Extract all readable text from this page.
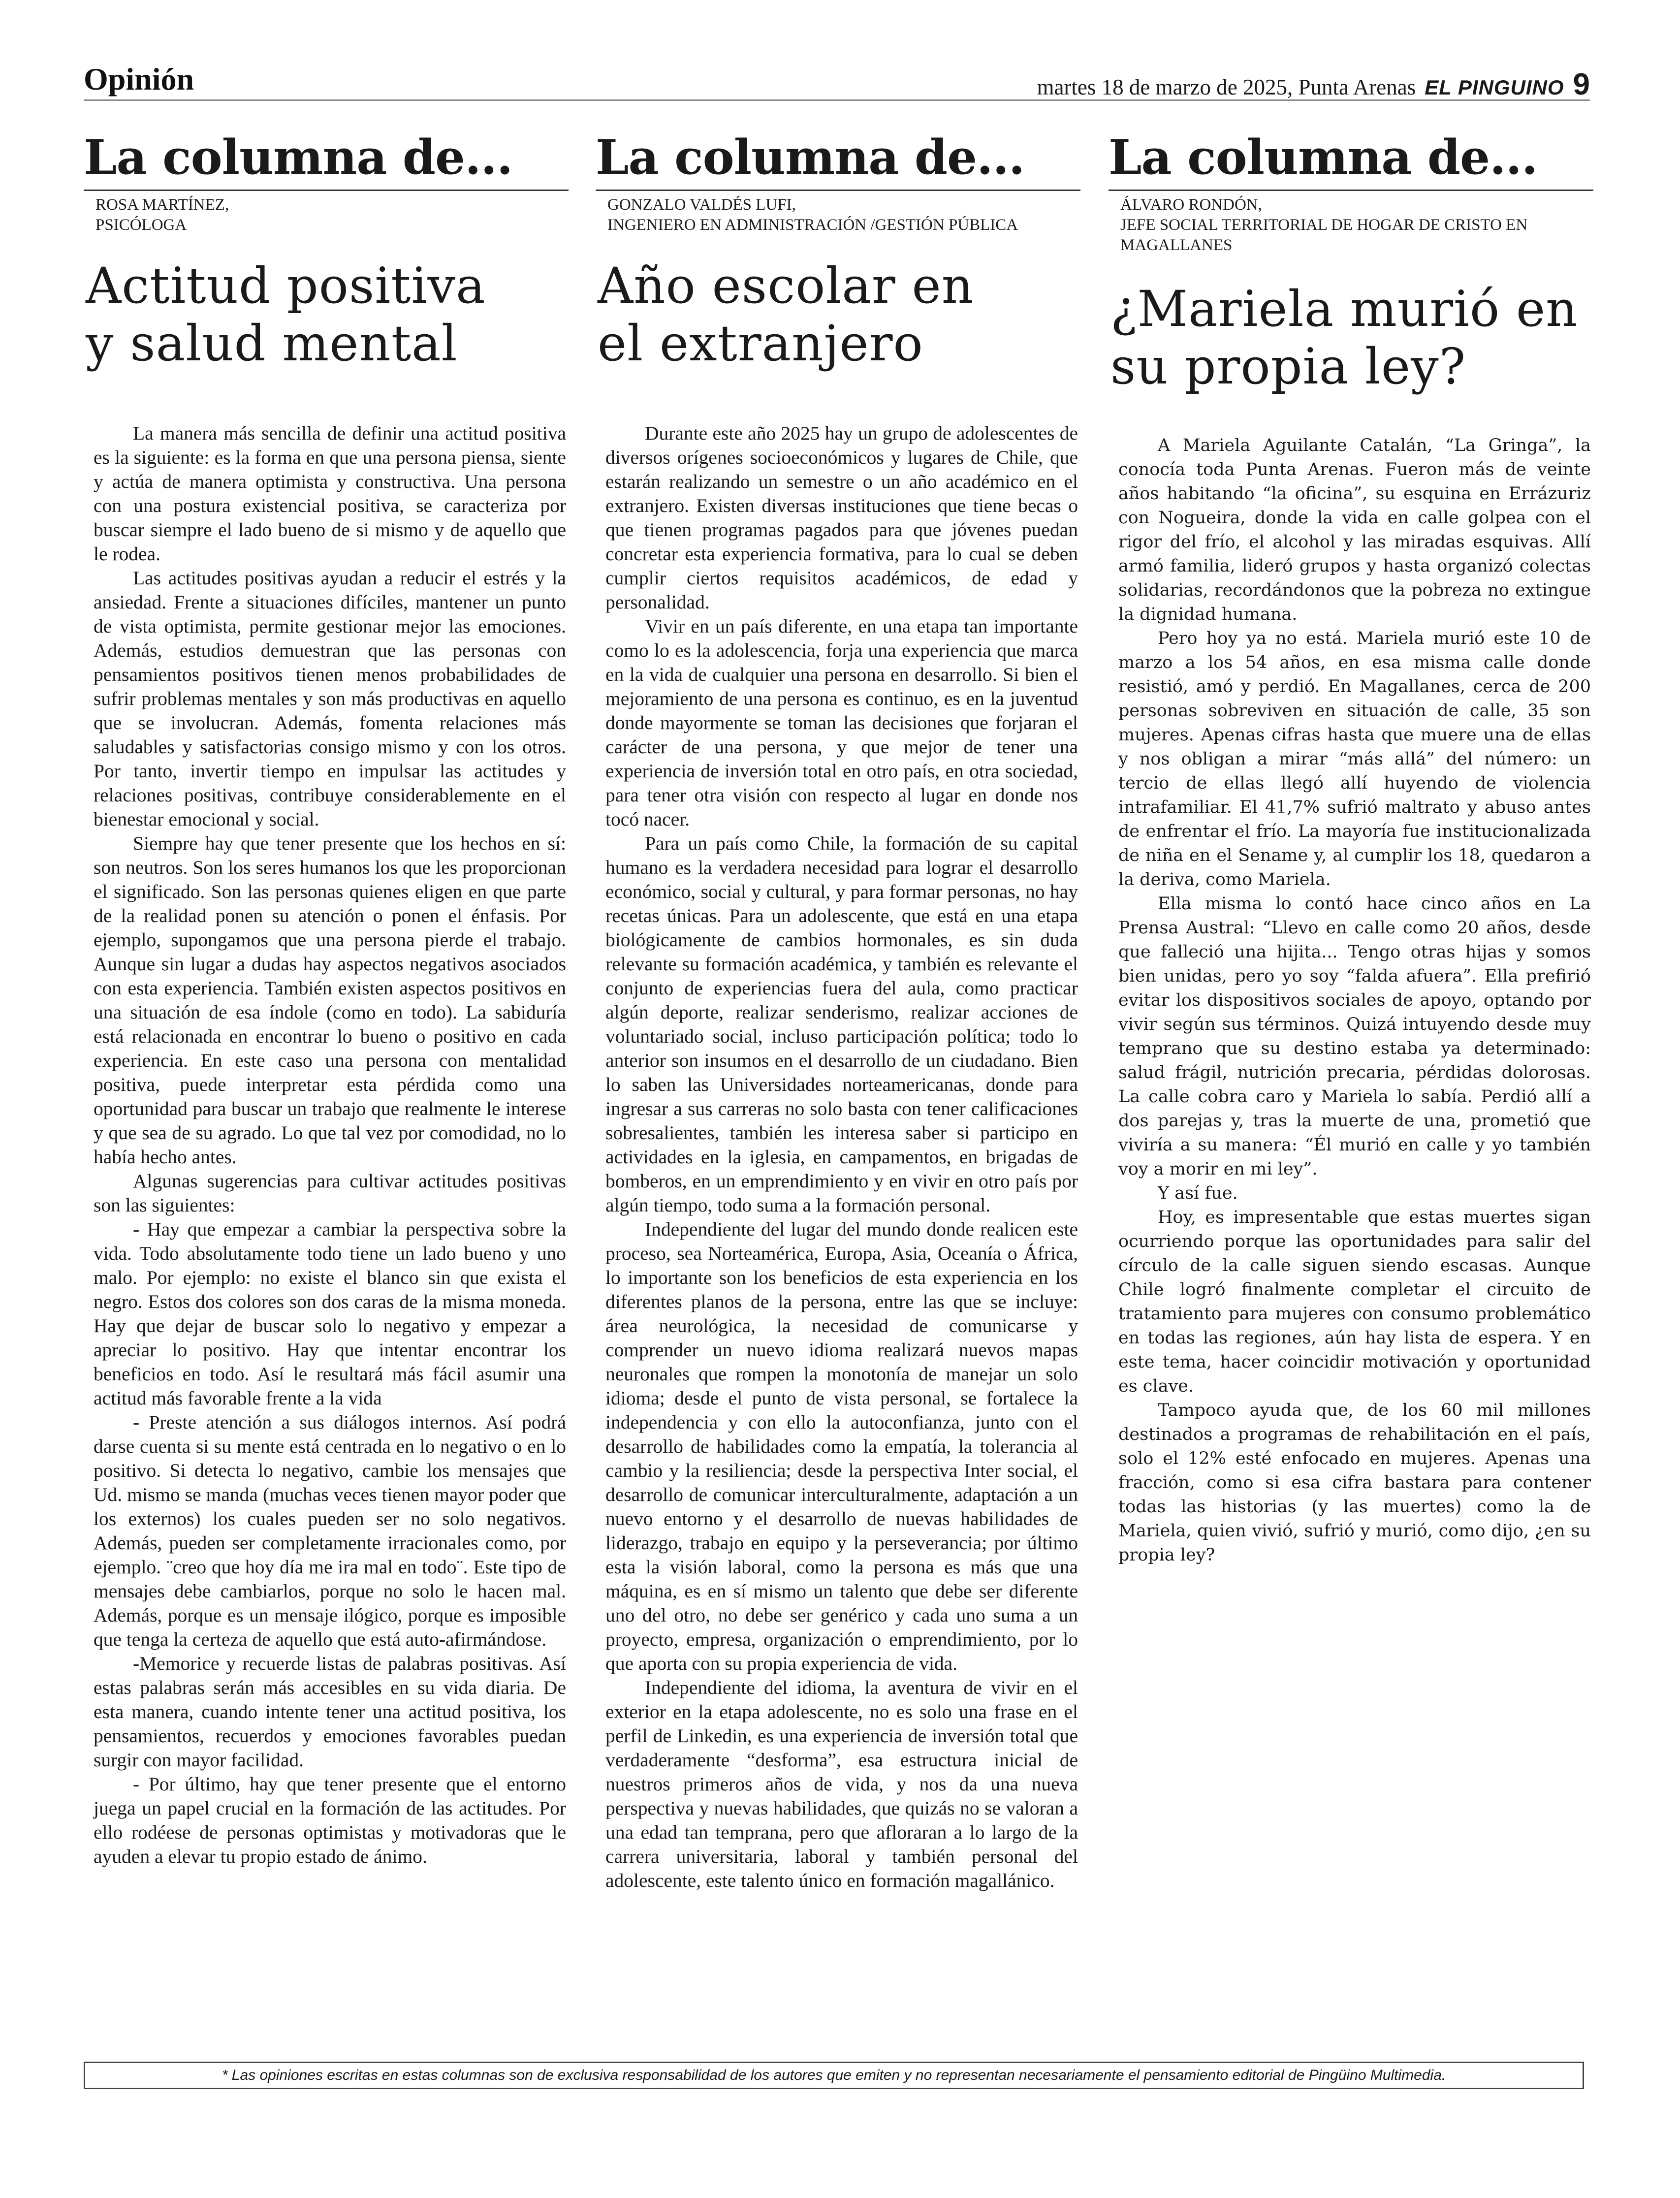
Opinión	martes 18 de marzo de 2025, Punta Arenas EL PINGUINO 9
La columna de...
ROSA MARTÍNEZ,
PSICÓLOGA
Actitud positiva
y salud mental

La manera más sencilla de definir una actitud positiva es la siguiente: es la forma en que una persona piensa, siente y actúa de manera optimista y constructiva. Una persona con una postura existencial positiva, se caracteriza por buscar siempre el lado bueno de si mismo y de aquello que le rodea.

Las actitudes positivas ayudan a reducir el estrés y la ansiedad. Frente a situaciones difíciles, mantener un punto de vista optimista, permite gestionar mejor las emociones. Además, estudios demuestran que las personas con pensamientos positivos tienen menos probabilidades de sufrir problemas mentales y son más productivas en aquello que se involucran. Además, fomenta relaciones más saludables y satisfactorias consigo mismo y con los otros. Por tanto, invertir tiempo en impulsar las actitudes y relaciones positivas, contribuye considerablemente en el bienestar emocional y social.

Siempre hay que tener presente que los hechos en sí: son neutros. Son los seres humanos los que les proporcionan el significado. Son las personas quienes eligen en que parte de la realidad ponen su atención o ponen el énfasis. Por ejemplo, supongamos que una persona pierde el trabajo. Aunque sin lugar a dudas hay aspectos negativos asociados con esta experiencia. También existen aspectos positivos en una situación de esa índole (como en todo). La sabiduría está relacionada en encontrar lo bueno o positivo en cada experiencia. En este caso una persona con mentalidad positiva, puede interpretar esta pérdida como una oportunidad para buscar un trabajo que realmente le interese y que sea de su agrado. Lo que tal vez por comodidad, no lo había hecho antes.

Algunas sugerencias para cultivar actitudes positivas son las siguientes:

- Hay que empezar a cambiar la perspectiva sobre la vida. Todo absolutamente todo tiene un lado bueno y uno malo. Por ejemplo: no existe el blanco sin que exista el negro. Estos dos colores son dos caras de la misma moneda. Hay que dejar de buscar solo lo negativo y empezar a apreciar lo positivo. Hay que intentar encontrar los beneficios en todo. Así le resultará más fácil asumir una actitud más favorable frente a la vida

- Preste atención a sus diálogos internos. Así podrá darse cuenta si su mente está centrada en lo negativo o en lo positivo. Si detecta lo negativo, cambie los mensajes que Ud. mismo se manda (muchas veces tienen mayor poder que los externos) los cuales pueden ser no solo negativos. Además, pueden ser completamente irracionales como, por ejemplo. ¨creo que hoy día me ira mal en todo¨. Este tipo de mensajes debe cambiarlos, porque no solo le hacen mal. Además, porque es un mensaje ilógico, porque es imposible que tenga la certeza de aquello que está auto-afirmándose.

-Memorice y recuerde listas de palabras positivas. Así estas palabras serán más accesibles en su vida diaria. De esta manera, cuando intente tener una actitud positiva, los pensamientos, recuerdos y emociones favorables puedan surgir con mayor facilidad.

- Por último, hay que tener presente que el entorno juega un papel crucial en la formación de las actitudes. Por ello rodéese de personas optimistas y motivadoras que le ayuden a elevar tu propio estado de ánimo.

La columna de...
GONZALO VALDÉS LUFI,
INGENIERO EN ADMINISTRACIÓN /GESTIÓN PÚBLICA
Año escolar en
el extranjero

Durante este año 2025 hay un grupo de adolescentes de diversos orígenes socioeconómicos y lugares de Chile, que estarán realizando un semestre o un año académico en el extranjero. Existen diversas instituciones que tiene becas o que tienen programas pagados para que jóvenes puedan concretar esta experiencia formativa, para lo cual se deben cumplir ciertos requisitos académicos, de edad y personalidad.

Vivir en un país diferente, en una etapa tan importante como lo es la adolescencia, forja una experiencia que marca en la vida de cualquier una persona en desarrollo. Si bien el mejoramiento de una persona es continuo, es en la juventud donde mayormente se toman las decisiones que forjaran el carácter de una persona, y que mejor de tener una experiencia de inversión total en otro país, en otra sociedad, para tener otra visión con respecto al lugar en donde nos tocó nacer.

Para un país como Chile, la formación de su capital humano es la verdadera necesidad para lograr el desarrollo económico, social y cultural, y para formar personas, no hay recetas únicas. Para un adolescente, que está en una etapa biológicamente de cambios hormonales, es sin duda relevante su formación académica, y también es relevante el conjunto de experiencias fuera del aula, como practicar algún deporte, realizar senderismo, realizar acciones de voluntariado social, incluso participación política; todo lo anterior son insumos en el desarrollo de un ciudadano. Bien lo saben las Universidades norteamericanas, donde para ingresar a sus carreras no solo basta con tener calificaciones sobresalientes, también les interesa saber si participo en actividades en la iglesia, en campamentos, en brigadas de bomberos, en un emprendimiento y en vivir en otro país por algún tiempo, todo suma a la formación personal.

Independiente del lugar del mundo donde realicen este proceso, sea Norteamérica, Europa, Asia, Oceanía o África, lo importante son los beneficios de esta experiencia en los diferentes planos de la persona, entre las que se incluye: área neurológica, la necesidad de comunicarse y comprender un nuevo idioma realizará nuevos mapas neuronales que rompen la monotonía de manejar un solo idioma; desde el punto de vista personal, se fortalece la independencia y con ello la autoconfianza, junto con el desarrollo de habilidades como la empatía, la tolerancia al cambio y la resiliencia; desde la perspectiva Inter social, el desarrollo de comunicar interculturalmente, adaptación a un nuevo entorno y el desarrollo de nuevas habilidades de liderazgo, trabajo en equipo y la perseverancia; por último esta la visión laboral, como la persona es más que una máquina, es en sí mismo un talento que debe ser diferente uno del otro, no debe ser genérico y cada uno suma a un proyecto, empresa, organización o emprendimiento, por lo que aporta con su propia experiencia de vida.

Independiente del idioma, la aventura de vivir en el exterior en la etapa adolescente, no es solo una frase en el perfil de Linkedin, es una experiencia de inversión total que verdaderamente “desforma”, esa estructura inicial de nuestros primeros años de vida, y nos da una nueva perspectiva y nuevas habilidades, que quizás no se valoran a una edad tan temprana, pero que afloraran a lo largo de la carrera universitaria, laboral y también personal del adolescente, este talento único en formación magallánico.

La columna de...
ÁLVARO RONDÓN,
JEFE SOCIAL TERRITORIAL DE HOGAR DE CRISTO EN MAGALLANES
¿Mariela murió en
su propia ley?

A Mariela Aguilante Catalán, “La Gringa”, la conocía toda Punta Arenas. Fueron más de veinte años habitando “la oficina”, su esquina en Errázuriz con Nogueira, donde la vida en calle golpea con el rigor del frío, el alcohol y las miradas esquivas. Allí armó familia, lideró grupos y hasta organizó colectas solidarias, recordándonos que la pobreza no extingue la dignidad humana.

Pero hoy ya no está. Mariela murió este 10 de marzo a los 54 años, en esa misma calle donde resistió, amó y perdió. En Magallanes, cerca de 200 personas sobreviven en situación de calle, 35 son mujeres. Apenas cifras hasta que muere una de ellas y nos obligan a mirar “más allá” del número: un tercio de ellas llegó allí huyendo de violencia intrafamiliar. El 41,7% sufrió maltrato y abuso antes de enfrentar el frío. La mayoría fue institucionalizada de niña en el Sename y, al cumplir los 18, quedaron a la deriva, como Mariela.

Ella misma lo contó hace cinco años en La Prensa Austral: “Llevo en calle como 20 años, desde que falleció una hijita... Tengo otras hijas y somos bien unidas, pero yo soy “falda afuera”. Ella prefirió evitar los dispositivos sociales de apoyo, optando por vivir según sus términos. Quizá intuyendo desde muy temprano que su destino estaba ya determinado: salud frágil, nutrición precaria, pérdidas dolorosas. La calle cobra caro y Mariela lo sabía. Perdió allí a dos parejas y, tras la muerte de una, prometió que viviría a su manera: “Él murió en calle y yo también voy a morir en mi ley”.

Y así fue.

Hoy, es impresentable que estas muertes sigan ocurriendo porque las oportunidades para salir del círculo de la calle siguen siendo escasas. Aunque Chile logró finalmente completar el circuito de tratamiento para mujeres con consumo problemático en todas las regiones, aún hay lista de espera. Y en este tema, hacer coincidir motivación y oportunidad es clave.

Tampoco ayuda que, de los 60 mil millones destinados a programas de rehabilitación en el país, solo el 12% esté enfocado en mujeres. Apenas una fracción, como si esa cifra bastara para contener todas las historias (y las muertes) como la de Mariela, quien vivió, sufrió y murió, como dijo, ¿en su propia ley?

* Las opiniones escritas en estas columnas son de exclusiva responsabilidad de los autores que emiten y no representan necesariamente el pensamiento editorial de Pingüino Multimedia.
